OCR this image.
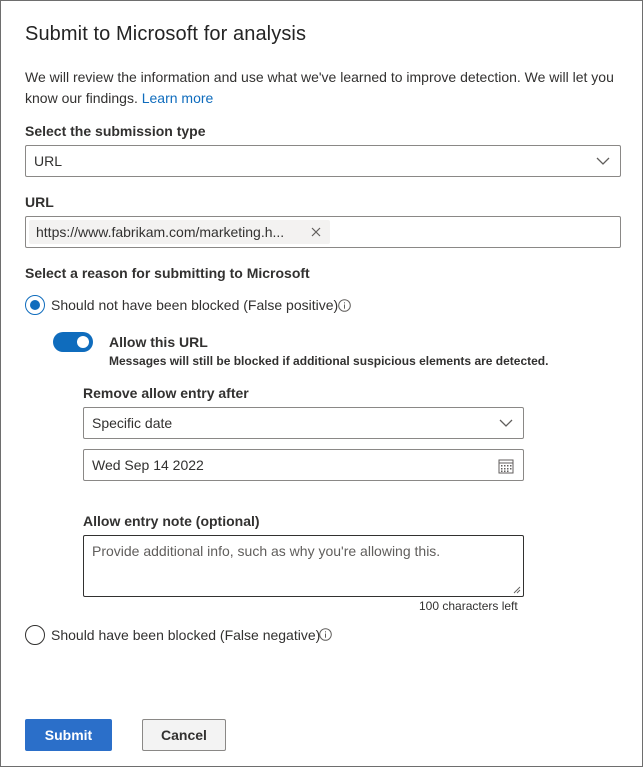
Submit to Microsoft for analysis
We will review the information and use what we've learned to improve detection. We will let you know our findings. Learn more
Select the submission type
URL
URL
https://www.fabrikam.com/marketing.h...
Select a reason for submitting to Microsoft
Should not have been blocked (False positive)
Allow this URL
Messages will still be blocked if additional suspicious elements are detected.
Remove allow entry after
Specific date
Wed Sep 14 2022
Allow entry note (optional)
Provide additional info, such as why you're allowing this.
100 characters left
Should have been blocked (False negative)
Submit	Cancel
